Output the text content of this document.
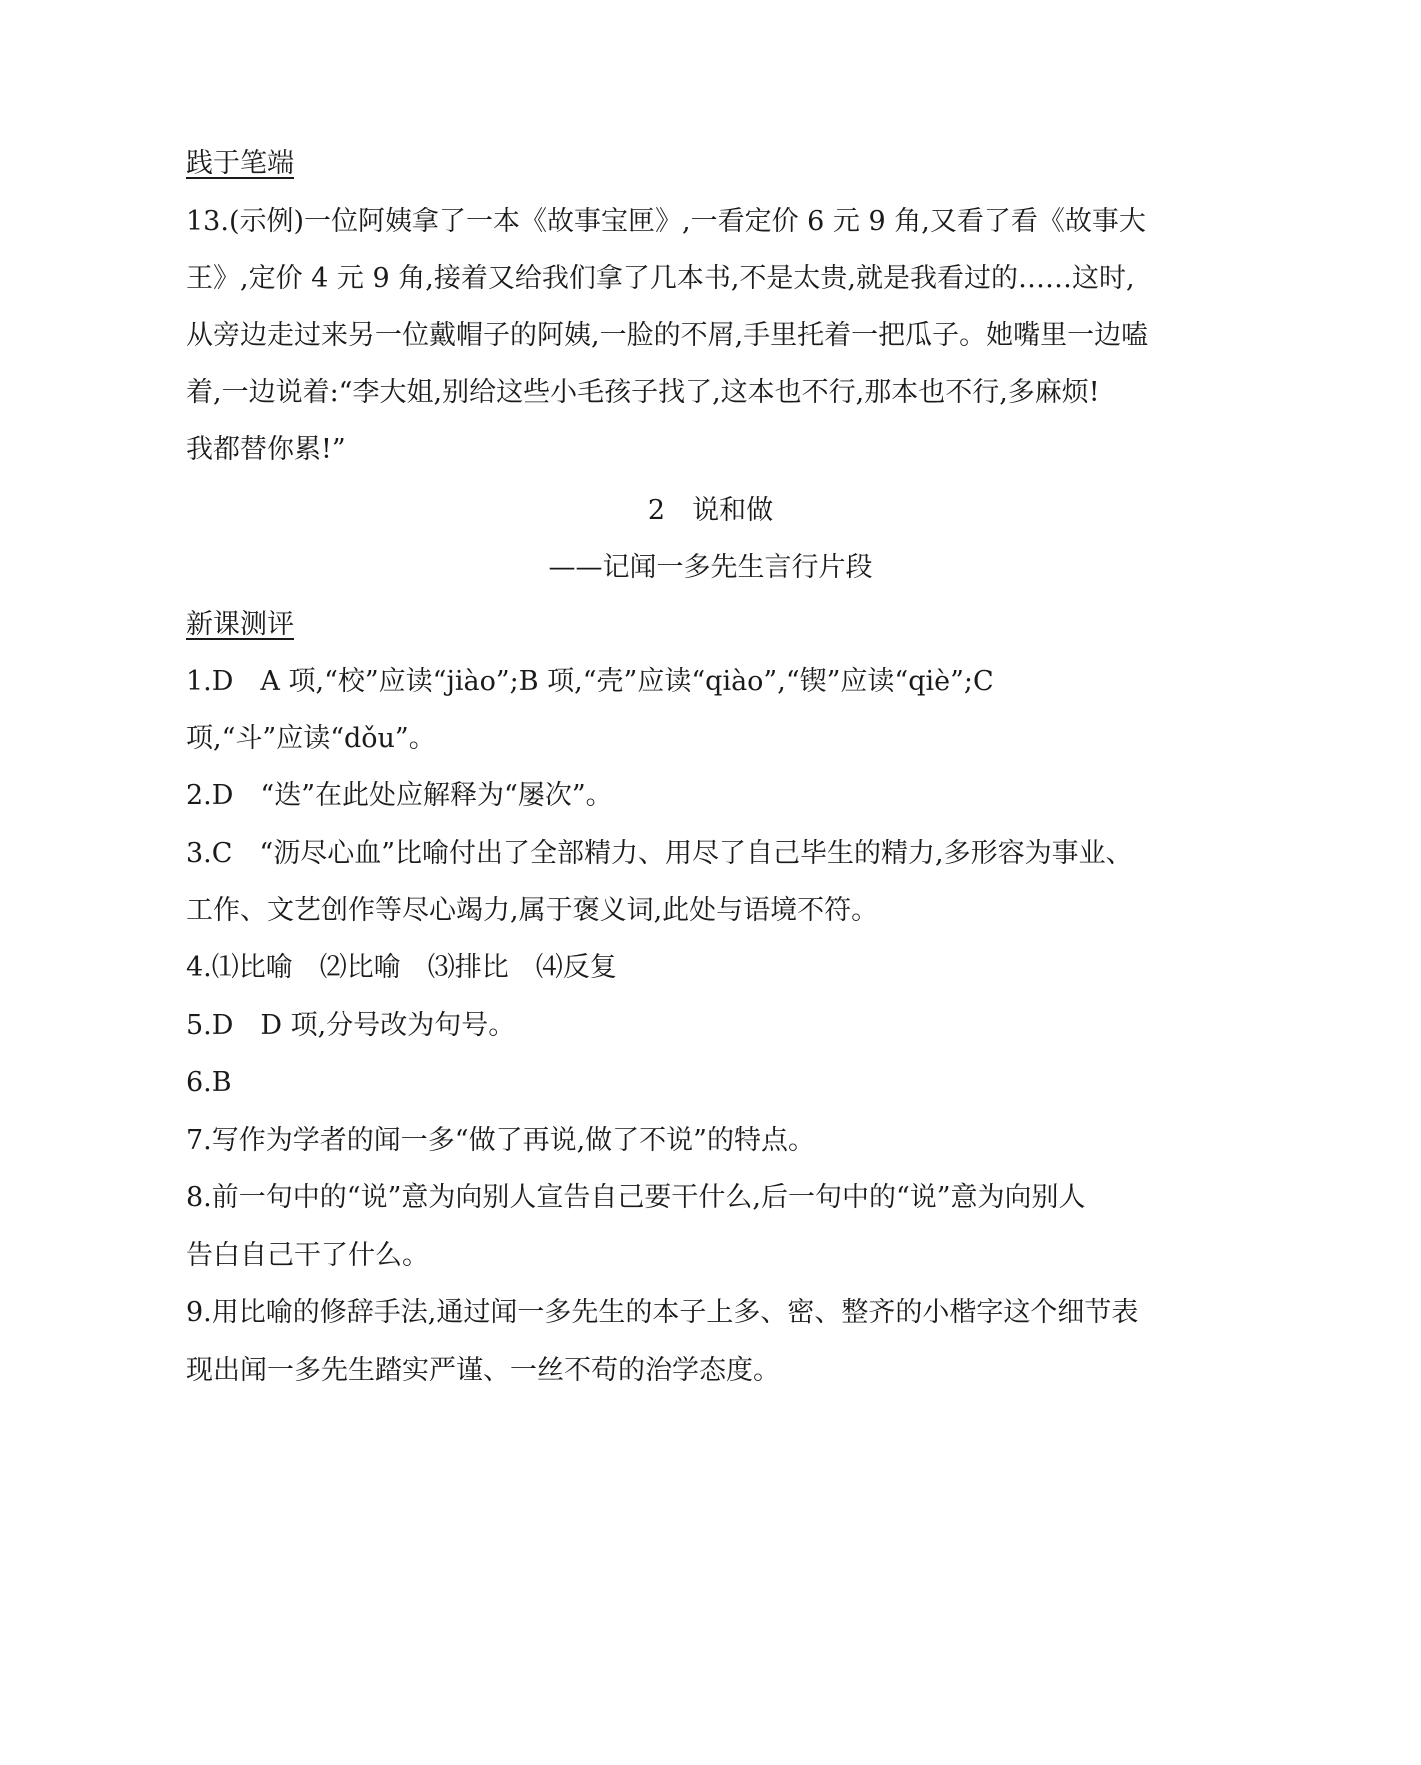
践于笔端
13.(示例)一位阿姨拿了一本《故事宝匣》,一看定价 6 元 9 角,又看了看《故事大
王》,定价 4 元 9 角,接着又给我们拿了几本书,不是太贵,就是我看过的……这时,
从旁边走过来另一位戴帽子的阿姨,一脸的不屑,手里托着一把瓜子。她嘴里一边嗑
着,一边说着:“李大姐,别给这些小毛孩子找了,这本也不行,那本也不行,多麻烦!
我都替你累!”
2　说和做
——记闻一多先生言行片段
新课测评
1.D　A 项,“校”应读“jiào”;B 项,“壳”应读“qiào”,“锲”应读“qiè”;C
项,“斗”应读“dǒu”。
2.D　“迭”在此处应解释为“屡次”。
3.C　“沥尽心血”比喻付出了全部精力、用尽了自己毕生的精力,多形容为事业、
工作、文艺创作等尽心竭力,属于褒义词,此处与语境不符。
4.⑴比喻　⑵比喻　⑶排比　⑷反复
5.D　D 项,分号改为句号。
6.B
7.写作为学者的闻一多“做了再说,做了不说”的特点。
8.前一句中的“说”意为向别人宣告自己要干什么,后一句中的“说”意为向别人
告白自己干了什么。
9.用比喻的修辞手法,通过闻一多先生的本子上多、密、整齐的小楷字这个细节表
现出闻一多先生踏实严谨、一丝不苟的治学态度。
